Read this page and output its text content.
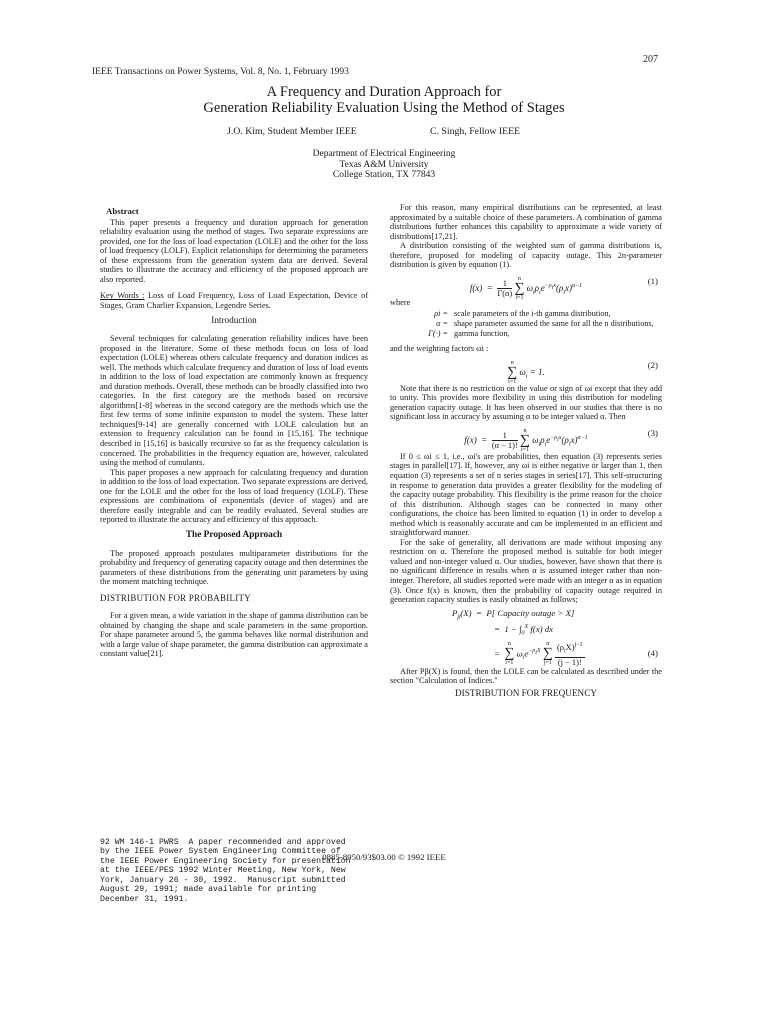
207
IEEE Transactions on Power Systems, Vol. 8, No. 1, February 1993
A Frequency and Duration Approach for
Generation Reliability Evaluation Using the Method of Stages
J.O. Kim, Student Member IEEE	C. Singh, Fellow IEEE
Department of Electrical Engineering
Texas A&M University
College Station, TX 77843
Abstract

This paper presents a frequency and duration approach for generation reliability evaluation using the method of stages. Two separate expressions are provided, one for the loss of load expectation (LOLE) and the other for the loss of load frequency (LOLF). Explicit relationships for determining the parameters of these expressions from the generation system data are derived. Several studies to illustrate the accuracy and efficiency of the proposed approach are also reported.

Key Words : Loss of Load Frequency, Loss of Load Expectation, Device of Stages, Gram Charlier Expansion, Legendre Series.

Introduction

Several techniques for calculating generation reliability indices have been proposed in the literature. Some of these methods focus on loss of load expectation (LOLE) whereas others calculate frequency and duration indices as well. The methods which calculate frequency and duration of loss of load events in addition to the loss of load expectation are commonly known as frequency and duration methods. Overall, these methods can be broadly classified into two categories. In the first category are the methods based on recursive algorithms[1-8] whereas in the second category are the methods which use the first few terms of some infinite expansion to model the system. These latter techniques[9-14] are generally concerned with LOLE calculation but an extension to frequency calculation can be found in [15,16]. The technique described in [15,16] is basically recursive so far as the frequency calculation is concerned. The probabilities in the frequency equation are, however, calculated using the method of cumulants.

This paper proposes a new approach for calculating frequency and duration in addition to the loss of load expectation. Two separate expressions are derived, one for the LOLE and the other for the loss of load frequency (LOLF). These expressions are combinations of exponentials (device of stages) and are therefore easily integrable and can be readily evaluated. Several studies are reported to illustrate the accuracy and efficiency of this approach.

The Proposed Approach

The proposed approach postulates multiparameter distributions for the probability and frequency of generating capacity outage and then determines the parameters of these distributions from the generating unit parameters by using the moment matching technique.

DISTRIBUTION FOR PROBABILITY

For a given mean, a wide variation in the shape of gamma distribution can be obtained by changing the shape and scale parameters in the same proportion. For shape parameter around 5, the gamma behaves like normal distribution and with a large value of shape parameter, the gamma distribution can approximate a constant value[21].

For this reason, many empirical distributions can be represented, at least approximated by a suitable choice of these parameters. A combination of gamma distributions further enhances this capability to approximate a wide variety of distributions[17,21].

A distribution consisting of the weighted sum of gamma distributions is, therefore, proposed for modeling of capacity outage. This 2n-parameter distribution is given by equation (1).

$f(x) = \frac{1}{\Gamma(\alpha)}$
n
∑
i=1
$\omega_i\rho_ie^{-\rho_ix}(\rho_ix)^{\alpha-1}$
(1)
where
ρi = scale parameters of the i-th gamma distribution,
α = shape parameter assumed the same for all the n distributions,
Γ(·) = gamma function,

and the weighting factors ωi :

n
∑
i=1
$\omega_i = 1$.
(2)

Note that there is no restriction on the value or sign of ωi except that they add to unity. This provides more flexibility in using this distribution for modeling generation capacity outage. It has been observed in our studies that there is no significant loss in accuracy by assuming α to be integer valued α. Then

$f(x) = \frac{1}{(\alpha - 1)!}$
n
∑
i=1
$\omega_i\rho_ie^{-\rho_ix}(\rho_ix)^{\alpha-1}$
(3)

If 0 ≤ ωi ≤ 1, i.e., ωi's are probabilities, then equation (3) represents series stages in parallel[17]. If, however, any ωi is either negative or larger than 1, then equation (3) represents a set of n series stages in series[17]. This self-structuring in response to generation data provides a greater flexibility for the modeling of the capacity outage probability. This flexibility is the prime reason for the choice of this distribution. Although stages can be connected in many other configurations, the choice has been limited to equation (1) in order to develop a method which is reasonably accurate and can be implemented in an efficient and straightforward manner.

For the sake of generality, all derivations are made without imposing any restriction on α. Therefore the proposed method is suitable for both integer valued and non-integer valued α. Our studies, however, have shown that there is no significant difference in results when α is assumed integer rather than non-integer. Therefore, all studies reported were made with an integer α as in equation (3). Once f(x) is known, then the probability of capacity outage required in generation capacity studies is easily obtained as follows;

$P_\beta(X) = P$[ Capacity outage > X]
=  $1 - \int_0^X$ f(x) dx
=
n
∑
i=1
$\omega_ie^{-\rho_iX}$
α
∑
j=1
$\frac{(\rho_iX)^{j-1}}{(j - 1)!}$	(4)

After Pβ(X) is found, then the LOLE can be calculated as described under the section "Calculation of Indices."

DISTRIBUTION FOR FREQUENCY
92 WM 146-1 PWRS  A paper recommended and approved
by the IEEE Power System Engineering Committee of
the IEEE Power Engineering Society for presentation
at the IEEE/PES 1992 Winter Meeting, New York, New
York, January 26 - 30, 1992.  Manuscript submitted
August 29, 1991; made available for printing
December 31, 1991.
0885-8950/93$03.00 © 1992 IEEE
